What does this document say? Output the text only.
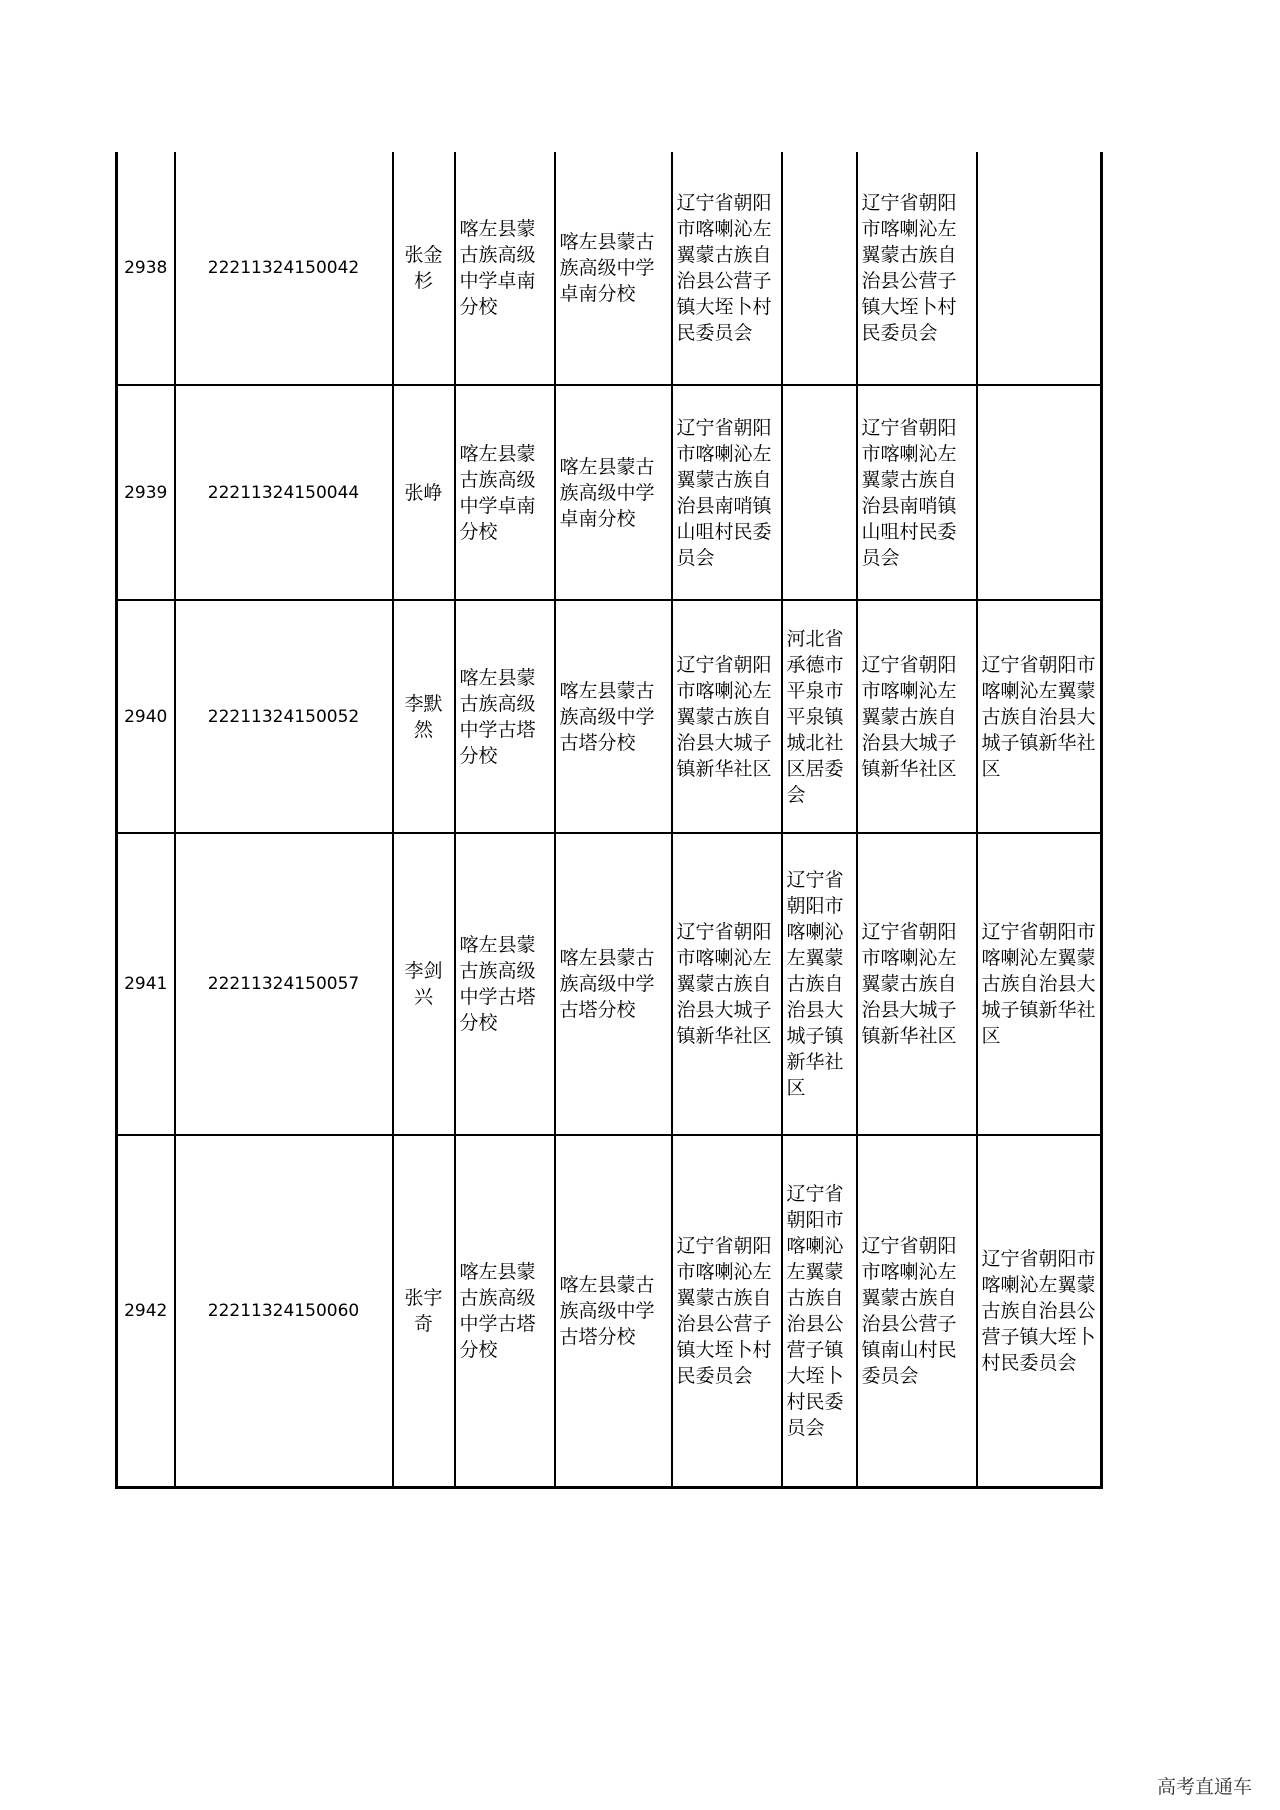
2938	22211324150042	张金杉	喀左县蒙古族高级中学卓南分校	喀左县蒙古族高级中学卓南分校	辽宁省朝阳市喀喇沁左翼蒙古族自治县公营子镇大垤卜村民委员会		辽宁省朝阳市喀喇沁左翼蒙古族自治县公营子镇大垤卜村民委员会	
2939	22211324150044	张峥	喀左县蒙古族高级中学卓南分校	喀左县蒙古族高级中学卓南分校	辽宁省朝阳市喀喇沁左翼蒙古族自治县南哨镇山咀村民委员会		辽宁省朝阳市喀喇沁左翼蒙古族自治县南哨镇山咀村民委员会	
2940	22211324150052	李默然	喀左县蒙古族高级中学古塔分校	喀左县蒙古族高级中学古塔分校	辽宁省朝阳市喀喇沁左翼蒙古族自治县大城子镇新华社区	河北省承德市平泉市平泉镇城北社区居委会	辽宁省朝阳市喀喇沁左翼蒙古族自治县大城子镇新华社区	辽宁省朝阳市喀喇沁左翼蒙古族自治县大城子镇新华社区
2941	22211324150057	李剑兴	喀左县蒙古族高级中学古塔分校	喀左县蒙古族高级中学古塔分校	辽宁省朝阳市喀喇沁左翼蒙古族自治县大城子镇新华社区	辽宁省朝阳市喀喇沁左翼蒙古族自治县大城子镇新华社区	辽宁省朝阳市喀喇沁左翼蒙古族自治县大城子镇新华社区	辽宁省朝阳市喀喇沁左翼蒙古族自治县大城子镇新华社区
2942	22211324150060	张宇奇	喀左县蒙古族高级中学古塔分校	喀左县蒙古族高级中学古塔分校	辽宁省朝阳市喀喇沁左翼蒙古族自治县公营子镇大垤卜村民委员会	辽宁省朝阳市喀喇沁左翼蒙古族自治县公营子镇大垤卜村民委员会	辽宁省朝阳市喀喇沁左翼蒙古族自治县公营子镇南山村民委员会	辽宁省朝阳市喀喇沁左翼蒙古族自治县公营子镇大垤卜村民委员会
高考直通车
